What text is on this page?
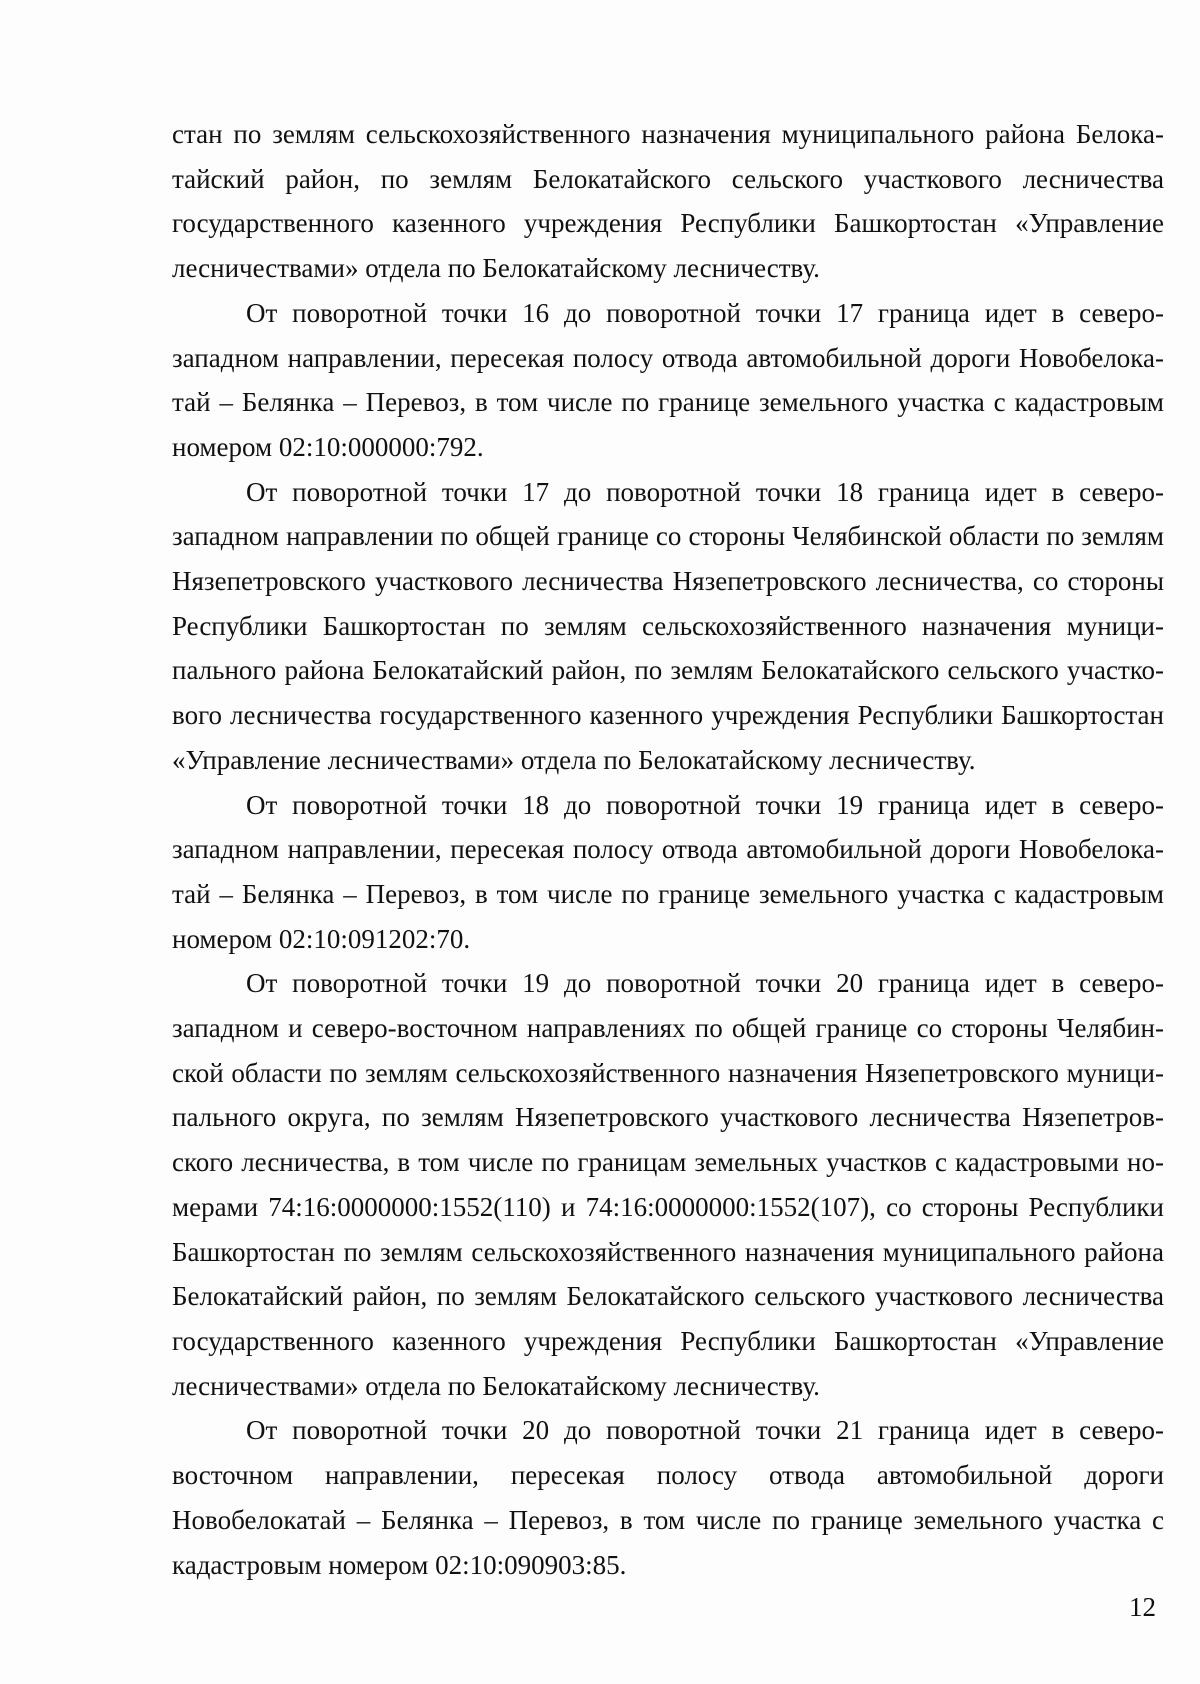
стан по землям сельскохозяйственного назначения муниципального района Белокатайский район, по землям Белокатайского сельского участкового лесничества государственного казенного учреждения Республики Башкортостан «Управление лесничествами» отдела по Белокатайскому лесничеству.

От поворотной точки 16 до поворотной точки 17 граница идет в северо-западном направлении, пересекая полосу отвода автомобильной дороги Новобелокатай – Белянка – Перевоз, в том числе по границе земельного участка с кадастровым номером 02:10:000000:792.

От поворотной точки 17 до поворотной точки 18 граница идет в северо-западном направлении по общей границе со стороны Челябинской области по землям Нязепетровского участкового лесничества Нязепетровского лесничества, со стороны Республики Башкортостан по землям сельскохозяйственного назначения муниципального района Белокатайский район, по землям Белокатайского сельского участкового лесничества государственного казенного учреждения Республики Башкортостан «Управление лесничествами» отдела по Белокатайскому лесничеству.

От поворотной точки 18 до поворотной точки 19 граница идет в северо-западном направлении, пересекая полосу отвода автомобильной дороги Новобелокатай – Белянка – Перевоз, в том числе по границе земельного участка с кадастровым номером 02:10:091202:70.

От поворотной точки 19 до поворотной точки 20 граница идет в северо-западном и северо-восточном направлениях по общей границе со стороны Челябинской области по землям сельскохозяйственного назначения Нязепетровского муниципального округа, по землям Нязепетровского участкового лесничества Нязепетровского лесничества, в том числе по границам земельных участков с кадастровыми номерами 74:16:0000000:1552(110) и 74:16:0000000:1552(107), со стороны Республики Башкортостан по землям сельскохозяйственного назначения муниципального района Белокатайский район, по землям Белокатайского сельского участкового лесничества государственного казенного учреждения Республики Башкортостан «Управление лесничествами» отдела по Белокатайскому лесничеству.

От поворотной точки 20 до поворотной точки 21 граница идет в северо-восточном направлении, пересекая полосу отвода автомобильной дороги Новобелокатай – Белянка – Перевоз, в том числе по границе земельного участка с кадастровым номером 02:10:090903:85.

12
